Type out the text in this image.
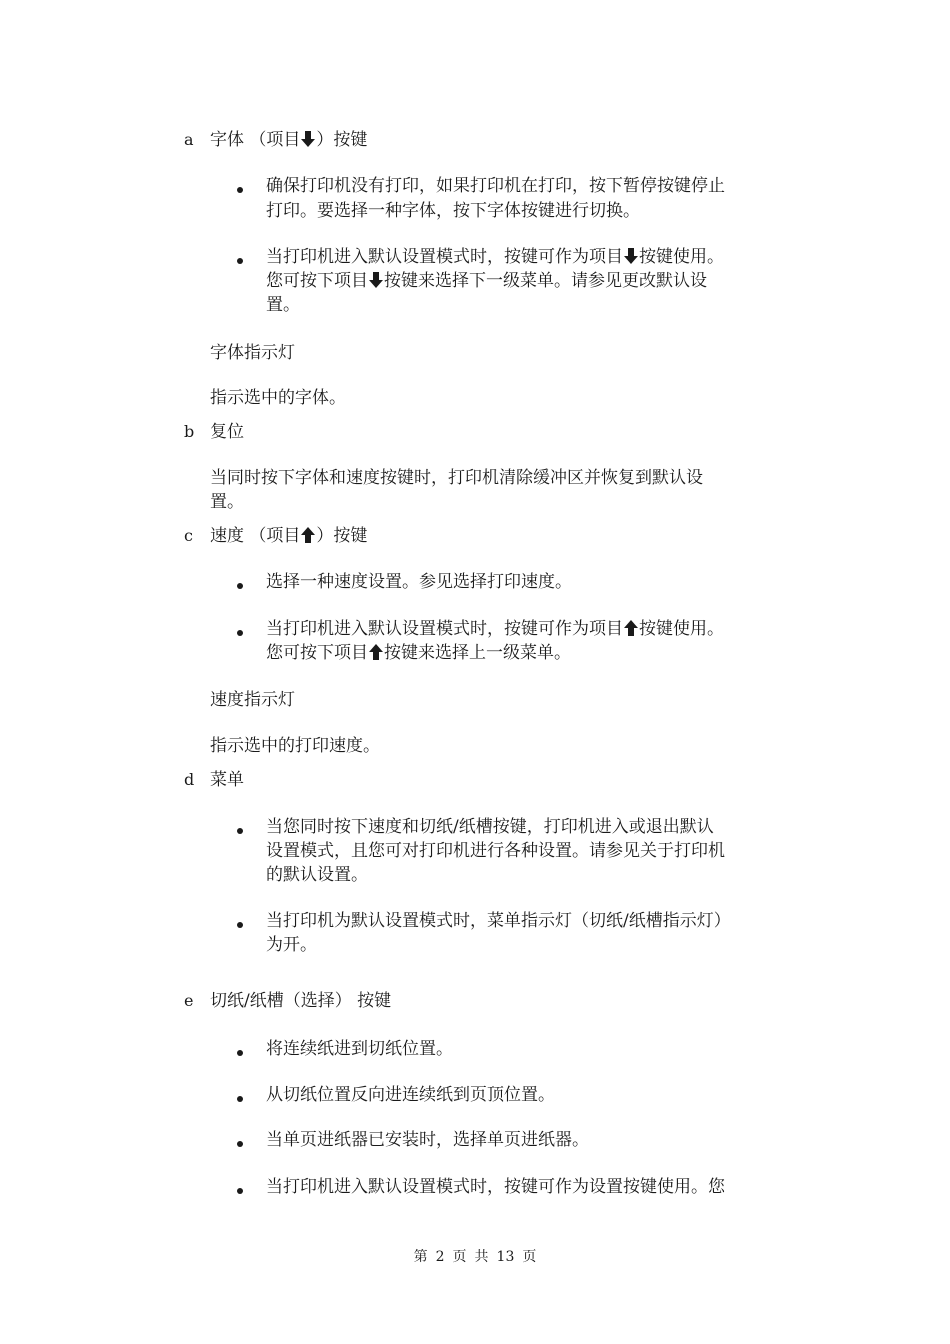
a 字体 （项目 ）按键
确保打印机没有打印，如果打印机在打印，按下暂停按键停止
打印。要选择一种字体，按下字体按键进行切换。
当打印机进入默认设置模式时，按键可作为项目 按键使用。
您可按下项目 按键来选择下一级菜单。请参见更改默认设
置。
字体指示灯
指示选中的字体。
b 复位
当同时按下字体和速度按键时，打印机清除缓冲区并恢复到默认设
置。
c 速度 （项目 ）按键
选择一种速度设置。参见选择打印速度。
当打印机进入默认设置模式时，按键可作为项目 按键使用。
您可按下项目 按键来选择上一级菜单。
速度指示灯
指示选中的打印速度。
d 菜单
当您同时按下速度和切纸/纸槽按键，打印机进入或退出默认
设置模式，且您可对打印机进行各种设置。请参见关于打印机
的默认设置。
当打印机为默认设置模式时，菜单指示灯（切纸/纸槽指示灯）
为开。
e 切纸/纸槽（选择） 按键
将连续纸进到切纸位置。
从切纸位置反向进连续纸到页顶位置。
当单页进纸器已安装时，选择单页进纸器。
当打印机进入默认设置模式时，按键可作为设置按键使用。您
第 2 页 共 13 页
